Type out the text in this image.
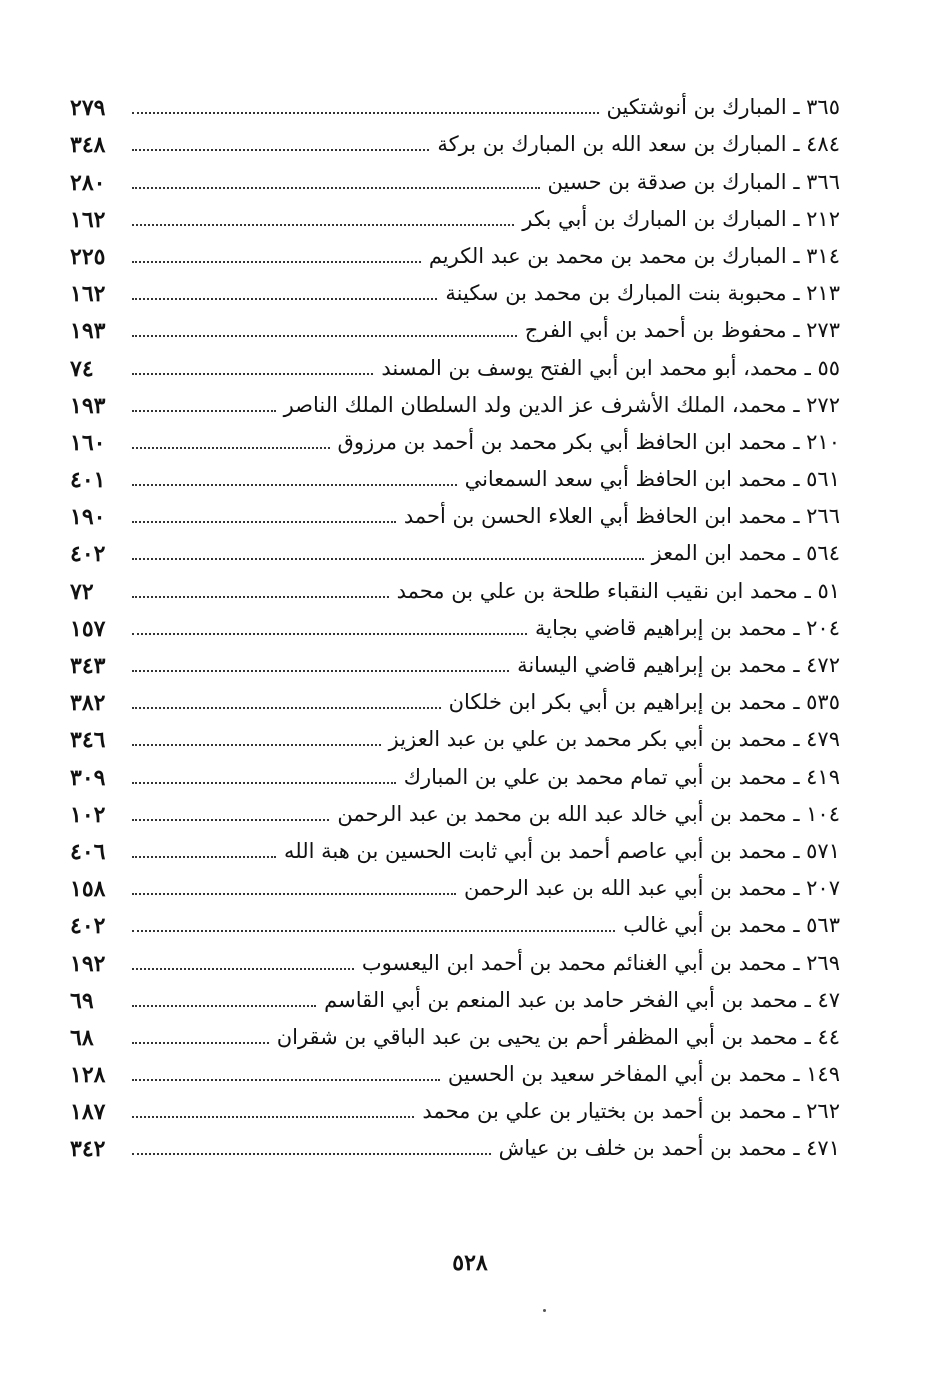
٢٧٩	٣٦٥ ـ المبارك بن أنوشتكين
٣٤٨	٤٨٤ ـ المبارك بن سعد الله بن المبارك بن بركة
٢٨٠	٣٦٦ ـ المبارك بن صدقة بن حسين
١٦٢	٢١٢ ـ المبارك بن المبارك بن أبي بكر
٢٢٥	٣١٤ ـ المبارك بن محمد بن محمد بن عبد الكريم
١٦٢	٢١٣ ـ محبوبة بنت المبارك بن محمد بن سكينة
١٩٣	٢٧٣ ـ محفوظ بن أحمد بن أبي الفرج
٧٤	٥٥ ـ محمد، أبو محمد ابن أبي الفتح يوسف بن المسند
١٩٣	٢٧٢ ـ محمد، الملك الأشرف عز الدين ولد السلطان الملك الناصر
١٦٠	٢١٠ ـ محمد ابن الحافظ أبي بكر محمد بن أحمد بن مرزوق
٤٠١	٥٦١ ـ محمد ابن الحافظ أبي سعد السمعاني
١٩٠	٢٦٦ ـ محمد ابن الحافظ أبي العلاء الحسن بن أحمد
٤٠٢	٥٦٤ ـ محمد ابن المعز
٧٢	٥١ ـ محمد ابن نقيب النقباء طلحة بن علي بن محمد
١٥٧	٢٠٤ ـ محمد بن إبراهيم قاضي بجاية
٣٤٣	٤٧٢ ـ محمد بن إبراهيم قاضي اليسانة
٣٨٢	٥٣٥ ـ محمد بن إبراهيم بن أبي بكر ابن خلكان
٣٤٦	٤٧٩ ـ محمد بن أبي بكر محمد بن علي بن عبد العزيز
٣٠٩	٤١٩ ـ محمد بن أبي تمام محمد بن علي بن المبارك
١٠٢	١٠٤ ـ محمد بن أبي خالد عبد الله بن محمد بن عبد الرحمن
٤٠٦	٥٧١ ـ محمد بن أبي عاصم أحمد بن أبي ثابت الحسين بن هبة الله
١٥٨	٢٠٧ ـ محمد بن أبي عبد الله بن عبد الرحمن
٤٠٢	٥٦٣ ـ محمد بن أبي غالب
١٩٢	٢٦٩ ـ محمد بن أبي الغنائم محمد بن أحمد ابن اليعسوب
٦٩	٤٧ ـ محمد بن أبي الفخر حامد بن عبد المنعم بن أبي القاسم
٦٨	٤٤ ـ محمد بن أبي المظفر أحم بن يحيى بن عبد الباقي بن شقران
١٢٨	١٤٩ ـ محمد بن أبي المفاخر سعيد بن الحسين
١٨٧	٢٦٢ ـ محمد بن أحمد بن بختيار بن علي بن محمد
٣٤٢	٤٧١ ـ محمد بن أحمد بن خلف بن عياش
٥٢٨
